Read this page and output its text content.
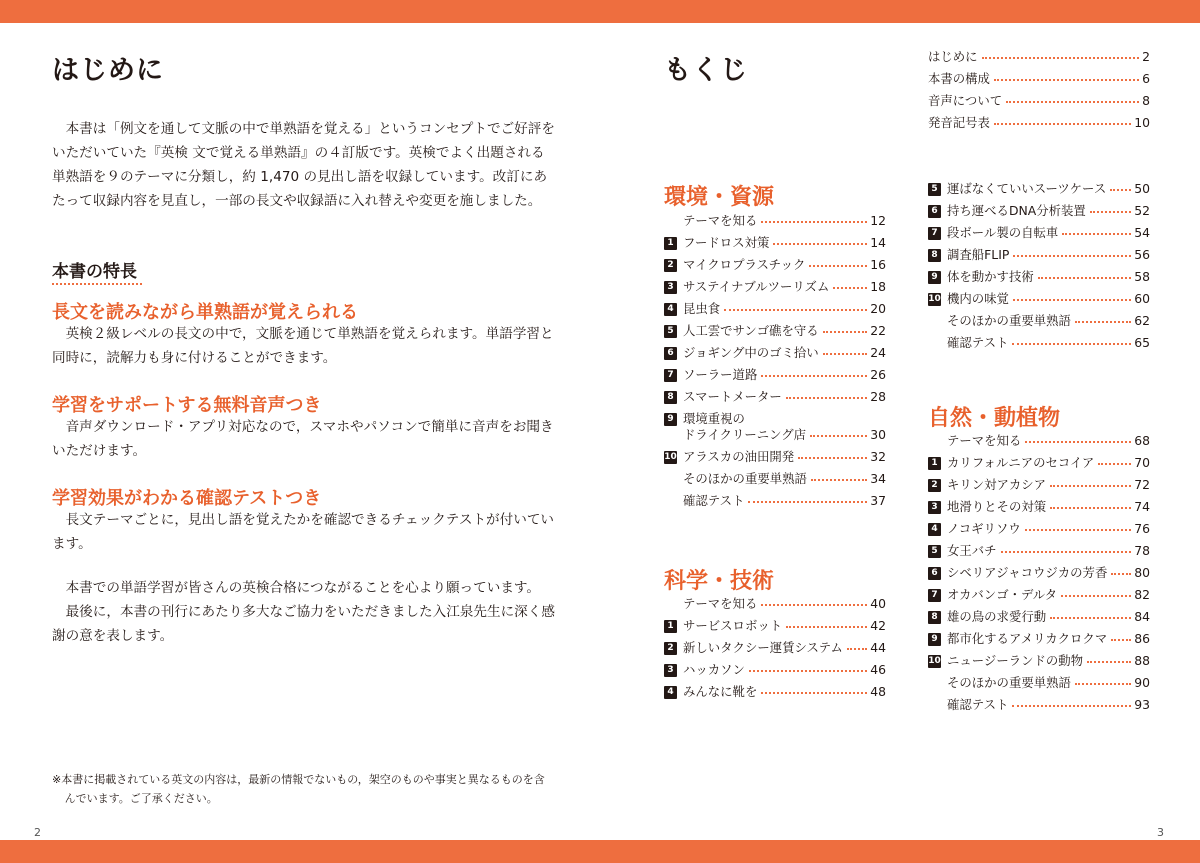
はじめに

本書は「例文を通して文脈の中で単熟語を覚える」というコンセプトでご好評をいただいていた『英検 文で覚える単熟語』の４訂版です。英検でよく出題される単熟語を９のテーマに分類し，約 1,470 の見出し語を収録しています。改訂にあたって収録内容を見直し，一部の長文や収録語に入れ替えや変更を施しました。

本書の特長
長文を読みながら単熟語が覚えられる

英検２級レベルの長文の中で，文脈を通じて単熟語を覚えられます。単語学習と同時に，読解力も身に付けることができます。

学習をサポートする無料音声つき

音声ダウンロード・アプリ対応なので，スマホやパソコンで簡単に音声をお聞きいただけます。

学習効果がわかる確認テストつき

長文テーマごとに，見出し語を覚えたかを確認できるチェックテストが付いています。

本書での単語学習が皆さんの英検合格につながることを心より願っています。

最後に，本書の刊行にあたり多大なご協力をいただきました入江泉先生に深く感謝の意を表します。

※本書に掲載されている英文の内容は，最新の情報でないもの，架空のものや事実と異なるものを含んでいます。ご了承ください。

2
もくじ	はじめに	2
本書の構成	6
音声について	8
発音記号表	10
環境・資源
テーマを知る	12
1 フードロス対策	14
2 マイクロプラスチック	16
3 サステイナブルツーリズム	18
4 昆虫食	20
5 人工雲でサンゴ礁を守る	22
6 ジョギング中のゴミ拾い	24
7 ソーラー道路	26
8 スマートメーター	28
9 環境重視の
ドライクリーニング店	30
10 アラスカの油田開発	32
そのほかの重要単熟語	34
確認テスト	37
科学・技術
テーマを知る	40
1 サービスロボット	42
2 新しいタクシー運賃システム 44
3 ハッカソン	46
4 みんなに靴を	48
5 運ばなくていいスーツケース 50
6 持ち運べるDNA分析装置	52
7 段ボール製の自転車	54
8 調査船FLIP	56
9 体を動かす技術	58
10 機内の味覚	60
そのほかの重要単熟語	62
確認テスト	65
自然・動植物
テーマを知る	68
1 カリフォルニアのセコイア	70
2 キリン対アカシア	72
3 地滑りとその対策	74
4 ノコギリソウ	76
5 女王バチ	78
6 シベリアジャコウジカの芳香 80
7 オカバンゴ・デルタ	82
8 雄の鳥の求愛行動	84
9 都市化するアメリカクロクマ 86
10 ニュージーランドの動物	88
そのほかの重要単熟語	90
確認テスト	93
3
